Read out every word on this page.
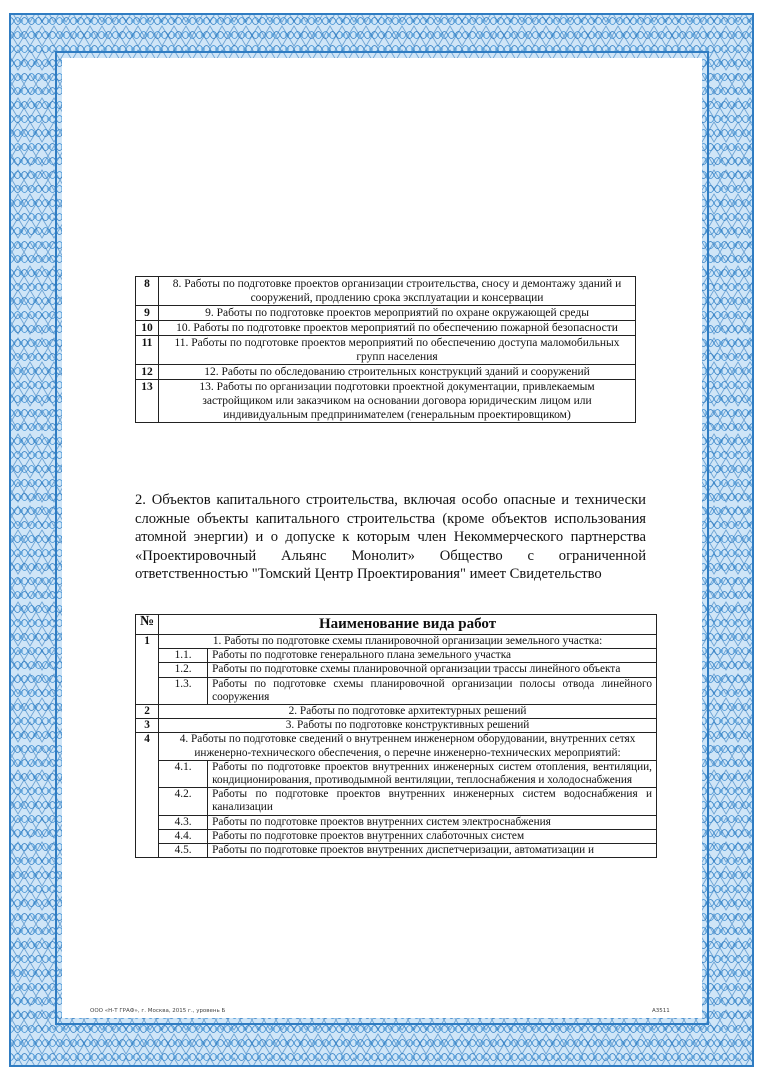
8	8. Работы по подготовке проектов организации строительства, сносу и демонтажу зданий и сооружений, продлению срока эксплуатации и консервации
9	9. Работы по подготовке проектов мероприятий по охране окружающей среды
10	10. Работы по подготовке проектов мероприятий по обеспечению пожарной безопасности
11	11. Работы по подготовке проектов мероприятий по обеспечению доступа маломобильных групп населения
12	12. Работы по обследованию строительных конструкций зданий и сооружений
13	13. Работы по организации подготовки проектной документации, привлекаемым застройщиком или заказчиком на основании договора юридическим лицом или индивидуальным предпринимателем (генеральным проектировщиком)

2. Объектов капитального строительства, включая особо опасные и технически сложные объекты капитального строительства (кроме объектов использования атомной энергии) и о допуске к которым член Некоммерческого партнерства «Проектировочный Альянс Монолит» Общество с ограниченной ответственностью "Томский Центр Проектирования" имеет Свидетельство

№	Наименование вида работ	
1	1. Работы по подготовке схемы планировочной организации земельного участка:	
	1.1.	Работы по подготовке генерального плана земельного участка
	1.2.	Работы по подготовке схемы планировочной организации трассы линейного объекта
	1.3.	Работы по подготовке схемы планировочной организации полосы отвода линейного сооружения
2	2. Работы по подготовке архитектурных решений	
3	3. Работы по подготовке конструктивных решений	
4	4. Работы по подготовке сведений о внутреннем инженерном оборудовании, внутренних сетях инженерно-технического обеспечения, о перечне инженерно-технических мероприятий:	
	4.1.	Работы по подготовке проектов внутренних инженерных систем отопления, вентиляции, кондиционирования, противодымной вентиляции, теплоснабжения и холодоснабжения
	4.2.	Работы по подготовке проектов внутренних инженерных систем водоснабжения и канализации
	4.3.	Работы по подготовке проектов внутренних систем электроснабжения
	4.4.	Работы по подготовке проектов внутренних слаботочных систем
	4.5.	Работы по подготовке проектов внутренних диспетчеризации, автоматизации и
ООО «Н-Т ГРАФ», г. Москва, 2015 г., уровень Б	А3511
